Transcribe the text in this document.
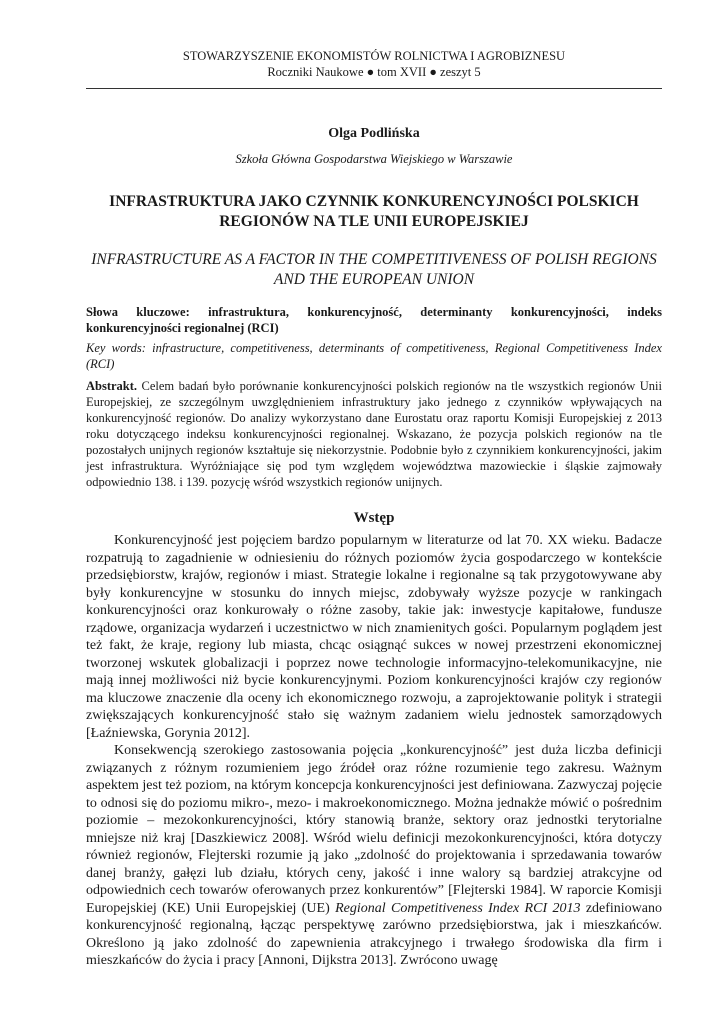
STOWARZYSZENIE EKONOMISTÓW ROLNICTWA I AGROBIZNESU
Roczniki Naukowe ● tom XVII ● zeszyt 5
Olga Podlińska
Szkoła Główna Gospodarstwa Wiejskiego w Warszawie
INFRASTRUKTURA JAKO CZYNNIK KONKURENCYJNOŚCI POLSKICH REGIONÓW NA TLE UNII EUROPEJSKIEJ
INFRASTRUCTURE AS A FACTOR IN THE COMPETITIVENESS OF POLISH REGIONS AND THE EUROPEAN UNION
Słowa kluczowe: infrastruktura, konkurencyjność, determinanty konkurencyjności, indeks konkurencyjności regionalnej (RCI)
Key words: infrastructure, competitiveness, determinants of competitiveness, Regional Competitiveness Index (RCI)
Abstrakt. Celem badań było porównanie konkurencyjności polskich regionów na tle wszystkich regionów Unii Europejskiej, ze szczególnym uwzględnieniem infrastruktury jako jednego z czynników wpływających na konkurencyjność regionów. Do analizy wykorzystano dane Eurostatu oraz raportu Komisji Europejskiej z 2013 roku dotyczącego indeksu konkurencyjności regionalnej. Wskazano, że pozycja polskich regionów na tle pozostałych unijnych regionów kształtuje się niekorzystnie. Podobnie było z czynnikiem konkurencyjności, jakim jest infrastruktura. Wyróżniające się pod tym względem województwa mazowieckie i śląskie zajmowały odpowiednio 138. i 139. pozycję wśród wszystkich regionów unijnych.
Wstęp

Konkurencyjność jest pojęciem bardzo popularnym w literaturze od lat 70. XX wieku. Badacze rozpatrują to zagadnienie w odniesieniu do różnych poziomów życia gospodarczego w kontekście przedsiębiorstw, krajów, regionów i miast. Strategie lokalne i regionalne są tak przygotowywane aby były konkurencyjne w stosunku do innych miejsc, zdobywały wyższe pozycje w rankingach konkurencyjności oraz konkurowały o różne zasoby, takie jak: inwestycje kapitałowe, fundusze rządowe, organizacja wydarzeń i uczestnictwo w nich znamienitych gości. Popularnym poglądem jest też fakt, że kraje, regiony lub miasta, chcąc osiągnąć sukces w nowej przestrzeni ekonomicznej tworzonej wskutek globalizacji i poprzez nowe technologie informacyjno-telekomunikacyjne, nie mają innej możliwości niż bycie konkurencyjnymi. Poziom konkurencyjności krajów czy regionów ma kluczowe znaczenie dla oceny ich ekonomicznego rozwoju, a zaprojektowanie polityk i strategii zwiększających konkurencyjność stało się ważnym zadaniem wielu jednostek samorządowych [Łaźniewska, Gorynia 2012].

Konsekwencją szerokiego zastosowania pojęcia „konkurencyjność” jest duża liczba definicji związanych z różnym rozumieniem jego źródeł oraz różne rozumienie tego zakresu. Ważnym aspektem jest też poziom, na którym koncepcja konkurencyjności jest definiowana. Zazwyczaj pojęcie to odnosi się do poziomu mikro-, mezo- i makroekonomicznego. Można jednakże mówić o pośrednim poziomie – mezokonkurencyjności, który stanowią branże, sektory oraz jednostki terytorialne mniejsze niż kraj [Daszkiewicz 2008]. Wśród wielu definicji mezokonkurencyjności, która dotyczy również regionów, Flejterski rozumie ją jako „zdolność do projektowania i sprzedawania towarów danej branży, gałęzi lub działu, których ceny, jakość i inne walory są bardziej atrakcyjne od odpowiednich cech towarów oferowanych przez konkurentów” [Flejterski 1984]. W raporcie Komisji Europejskiej (KE) Unii Europejskiej (UE) Regional Competitiveness Index RCI 2013 zdefiniowano konkurencyjność regionalną, łącząc perspektywę zarówno przedsiębiorstwa, jak i mieszkańców. Określono ją jako zdolność do zapewnienia atrakcyjnego i trwałego środowiska dla firm i mieszkańców do życia i pracy [Annoni, Dijkstra 2013]. Zwrócono uwagę
